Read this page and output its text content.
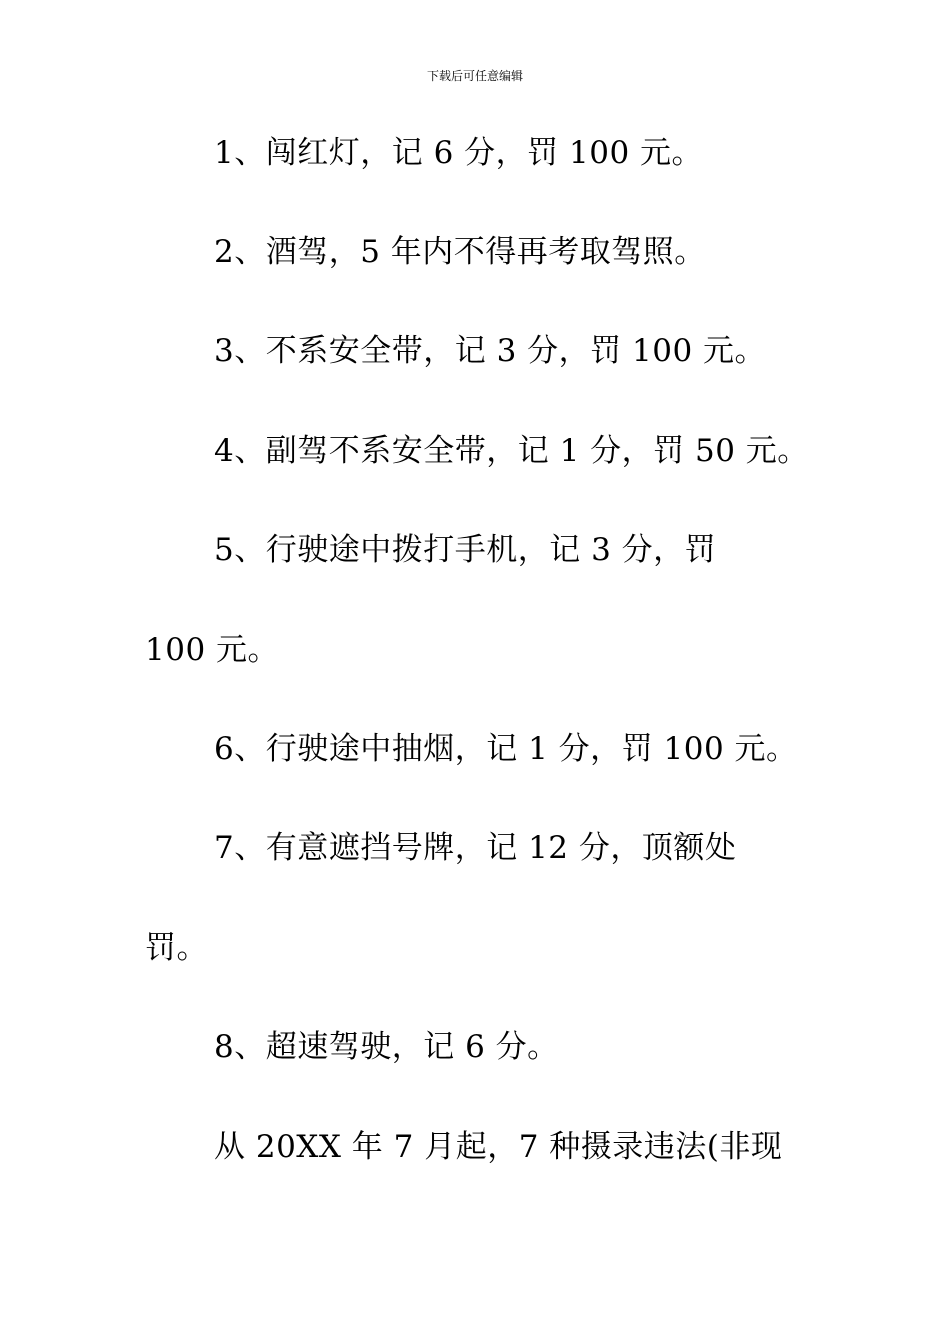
下载后可任意编辑
1、闯红灯，记 6 分，罚 100 元。
2、酒驾，5 年内不得再考取驾照。
3、不系安全带，记 3 分，罚 100 元。
4、副驾不系安全带，记 1 分，罚 50 元。
5、行驶途中拨打手机，记 3 分，罚
100 元。
6、行驶途中抽烟，记 1 分，罚 100 元。
7、有意遮挡号牌，记 12 分，顶额处
罚。
8、超速驾驶，记 6 分。
从 20XX 年 7 月起，7 种摄录违法(非现
